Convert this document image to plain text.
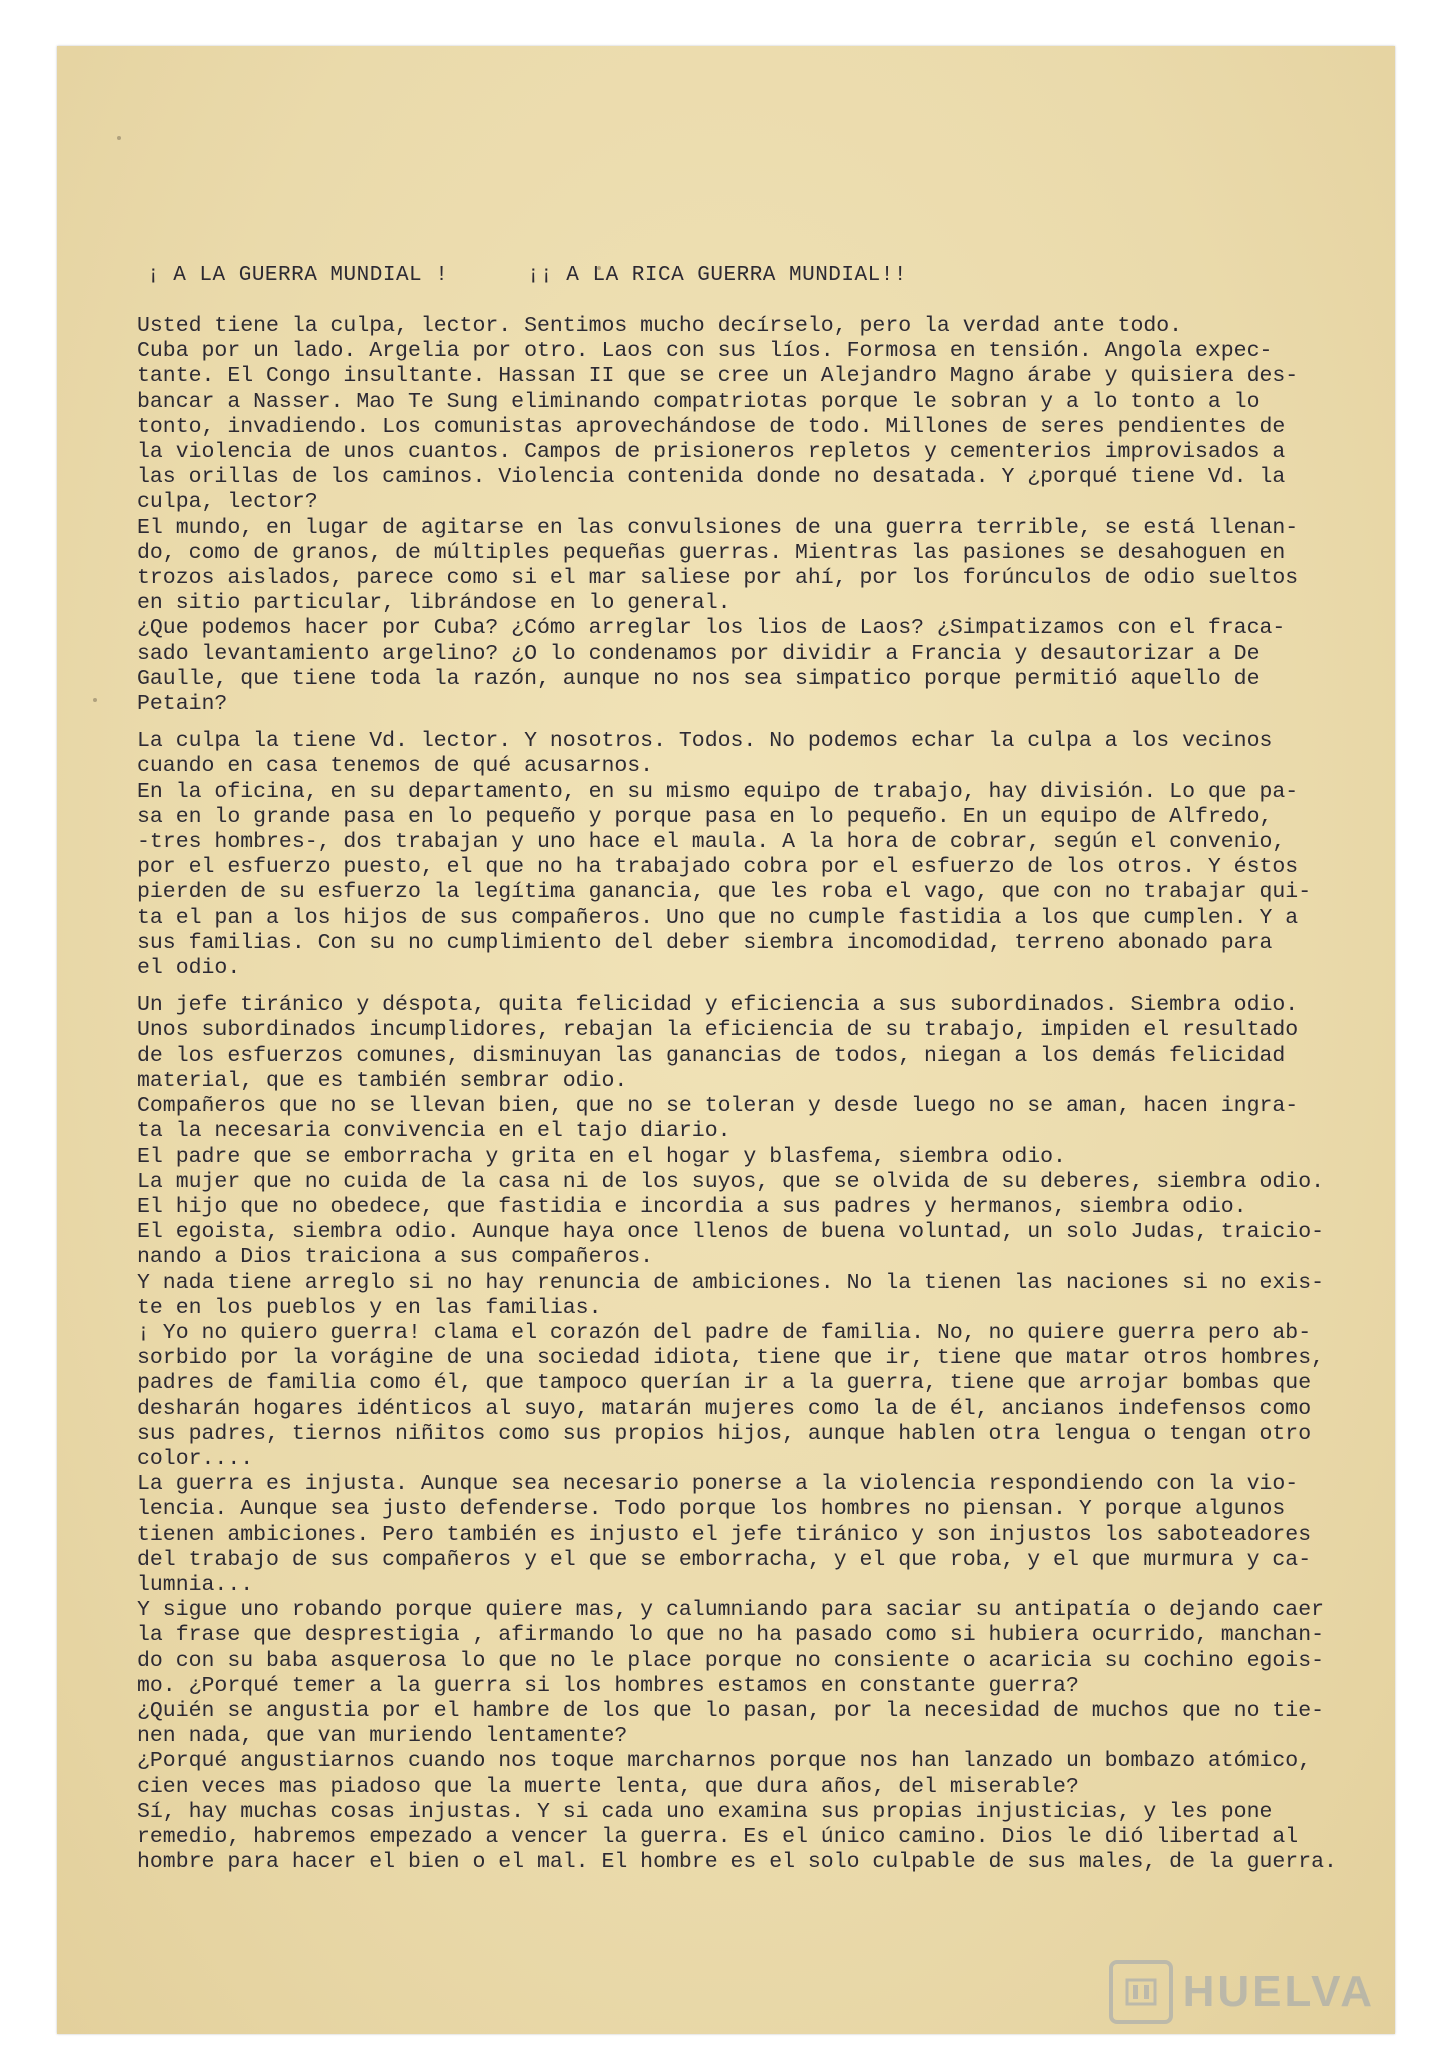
¡ A LA GUERRA MUNDIAL !      ¡¡ A LA RICA GUERRA MUNDIAL!!
Usted tiene la culpa, lector. Sentimos mucho decírselo, pero la verdad ante todo.
Cuba por un lado. Argelia por otro. Laos con sus líos. Formosa en tensión. Angola expec-
tante. El Congo insultante. Hassan II que se cree un Alejandro Magno árabe y quisiera des-
bancar a Nasser. Mao Te Sung eliminando compatriotas porque le sobran y a lo tonto a lo
tonto, invadiendo. Los comunistas aprovechándose de todo. Millones de seres pendientes de
la violencia de unos cuantos. Campos de prisioneros repletos y cementerios improvisados a
las orillas de los caminos. Violencia contenida donde no desatada. Y ¿porqué tiene Vd. la
culpa, lector?
El mundo, en lugar de agitarse en las convulsiones de una guerra terrible, se está llenan-
do, como de granos, de múltiples pequeñas guerras. Mientras las pasiones se desahoguen en
trozos aislados, parece como si el mar saliese por ahí, por los forúnculos de odio sueltos
en sitio particular, librándose en lo general.
¿Que podemos hacer por Cuba? ¿Cómo arreglar los lios de Laos? ¿Simpatizamos con el fraca-
sado levantamiento argelino? ¿O lo condenamos por dividir a Francia y desautorizar a De
Gaulle, que tiene toda la razón, aunque no nos sea simpatico porque permitió aquello de
Petain?
La culpa la tiene Vd. lector. Y nosotros. Todos. No podemos echar la culpa a los vecinos
cuando en casa tenemos de qué acusarnos.
En la oficina, en su departamento, en su mismo equipo de trabajo, hay división. Lo que pa-
sa en lo grande pasa en lo pequeño y porque pasa en lo pequeño. En un equipo de Alfredo,
-tres hombres-, dos trabajan y uno hace el maula. A la hora de cobrar, según el convenio,
por el esfuerzo puesto, el que no ha trabajado cobra por el esfuerzo de los otros. Y éstos
pierden de su esfuerzo la legítima ganancia, que les roba el vago, que con no trabajar qui-
ta el pan a los hijos de sus compañeros. Uno que no cumple fastidia a los que cumplen. Y a
sus familias. Con su no cumplimiento del deber siembra incomodidad, terreno abonado para
el odio.
Un jefe tiránico y déspota, quita felicidad y eficiencia a sus subordinados. Siembra odio.
Unos subordinados incumplidores, rebajan la eficiencia de su trabajo, impiden el resultado
de los esfuerzos comunes, disminuyan las ganancias de todos, niegan a los demás felicidad
material, que es también sembrar odio.
Compañeros que no se llevan bien, que no se toleran y desde luego no se aman, hacen ingra-
ta la necesaria convivencia en el tajo diario.
El padre que se emborracha y grita en el hogar y blasfema, siembra odio.
La mujer que no cuida de la casa ni de los suyos, que se olvida de su deberes, siembra odio.
El hijo que no obedece, que fastidia e incordia a sus padres y hermanos, siembra odio.
El egoista, siembra odio. Aunque haya once llenos de buena voluntad, un solo Judas, traicio-
nando a Dios traiciona a sus compañeros.
Y nada tiene arreglo si no hay renuncia de ambiciones. No la tienen las naciones si no exis-
te en los pueblos y en las familias.
¡ Yo no quiero guerra! clama el corazón del padre de familia. No, no quiere guerra pero ab-
sorbido por la vorágine de una sociedad idiota, tiene que ir, tiene que matar otros hombres,
padres de familia como él, que tampoco querían ir a la guerra, tiene que arrojar bombas que
desharán hogares idénticos al suyo, matarán mujeres como la de él, ancianos indefensos como
sus padres, tiernos niñitos como sus propios hijos, aunque hablen otra lengua o tengan otro
color....
La guerra es injusta. Aunque sea necesario ponerse a la violencia respondiendo con la vio-
lencia. Aunque sea justo defenderse. Todo porque los hombres no piensan. Y porque algunos
tienen ambiciones. Pero también es injusto el jefe tiránico y son injustos los saboteadores
del trabajo de sus compañeros y el que se emborracha, y el que roba, y el que murmura y ca-
lumnia...
Y sigue uno robando porque quiere mas, y calumniando para saciar su antipatía o dejando caer
la frase que desprestigia , afirmando lo que no ha pasado como si hubiera ocurrido, manchan-
do con su baba asquerosa lo que no le place porque no consiente o acaricia su cochino egois-
mo. ¿Porqué temer a la guerra si los hombres estamos en constante guerra?
¿Quién se angustia por el hambre de los que lo pasan, por la necesidad de muchos que no tie-
nen nada, que van muriendo lentamente?
¿Porqué angustiarnos cuando nos toque marcharnos porque nos han lanzado un bombazo atómico,
cien veces mas piadoso que la muerte lenta, que dura años, del miserable?
Sí, hay muchas cosas injustas. Y si cada uno examina sus propias injusticias, y les pone
remedio, habremos empezado a vencer la guerra. Es el único camino. Dios le dió libertad al
hombre para hacer el bien o el mal. El hombre es el solo culpable de sus males, de la guerra.
HUELVA
